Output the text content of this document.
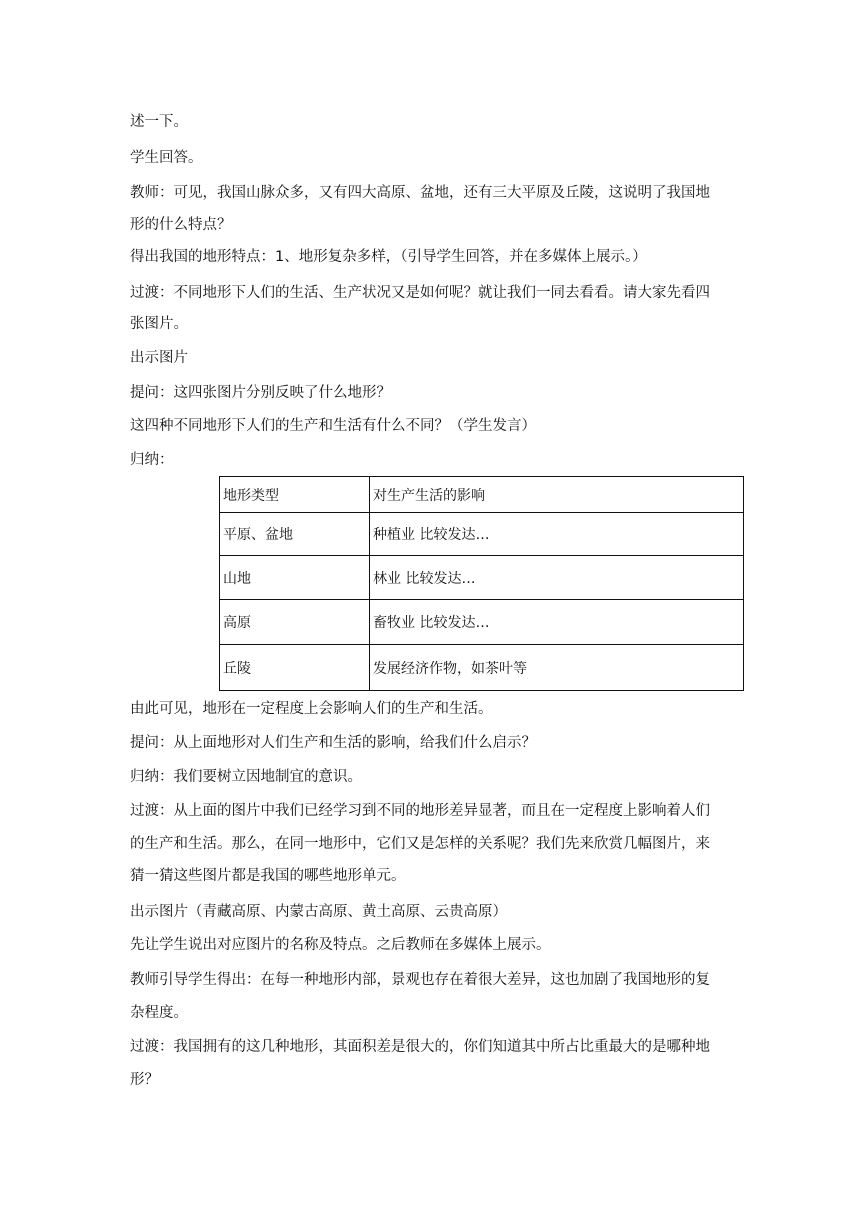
述一下。

学生回答。

教师：可见，我国山脉众多，又有四大高原、盆地，还有三大平原及丘陵，这说明了我国地

形的什么特点？

得出我国的地形特点：1、地形复杂多样，（引导学生回答，并在多媒体上展示。）

过渡：不同地形下人们的生活、生产状况又是如何呢？就让我们一同去看看。请大家先看四

张图片。

出示图片

提问：这四张图片分别反映了什么地形？

这四种不同地形下人们的生产和生活有什么不同？（学生发言）

归纳：

地形类型	对生产生活的影响
平原、盆地	种植业 比较发达…
山地	林业 比较发达…
高原	畜牧业 比较发达…
丘陵	发展经济作物，如茶叶等

由此可见，地形在一定程度上会影响人们的生产和生活。

提问：从上面地形对人们生产和生活的影响，给我们什么启示？

归纳：我们要树立因地制宜的意识。

过渡：从上面的图片中我们已经学习到不同的地形差异显著，而且在一定程度上影响着人们

的生产和生活。那么，在同一地形中，它们又是怎样的关系呢？我们先来欣赏几幅图片，来

猜一猜这些图片都是我国的哪些地形单元。

出示图片（青藏高原、内蒙古高原、黄土高原、云贵高原）

先让学生说出对应图片的名称及特点。之后教师在多媒体上展示。

教师引导学生得出：在每一种地形内部，景观也存在着很大差异，这也加剧了我国地形的复

杂程度。

过渡：我国拥有的这几种地形，其面积差是很大的，你们知道其中所占比重最大的是哪种地

形？
